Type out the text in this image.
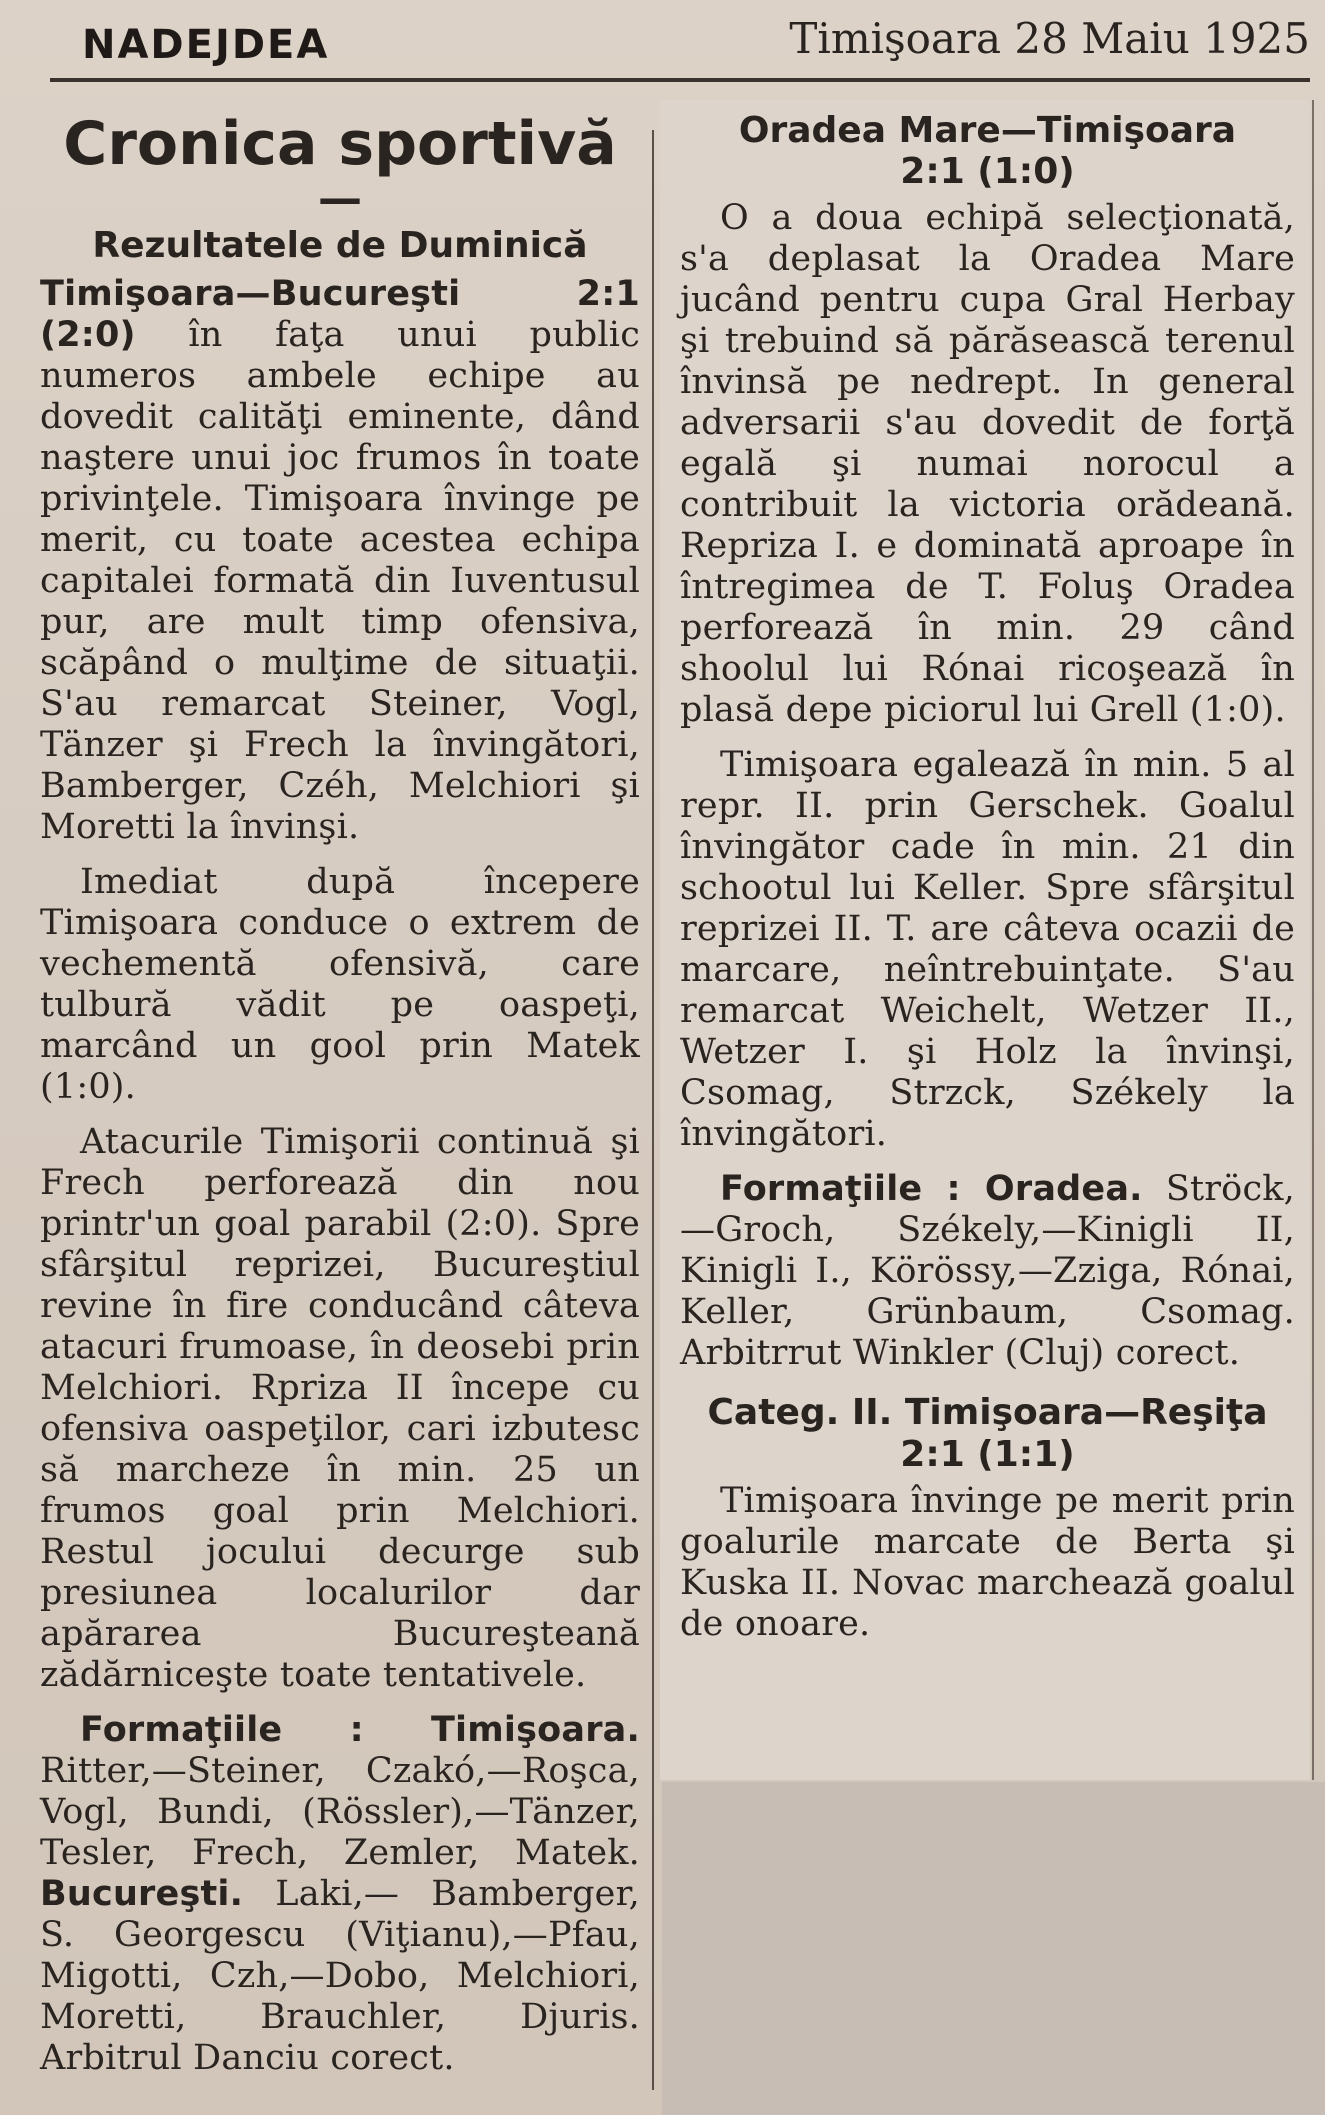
NADEJDEA	Timişoara 28 Maiu 1925
Cronica sportivă
—
Rezultatele de Duminică

Timişoara—Bucureşti 2:1 (2:0) în faţa unui public numeros ambele echipe au dovedit calităţi eminente, dând naştere unui joc frumos în toate privinţele. Timişoara învinge pe merit, cu toate acestea echipa capitalei formată din Iuventusul pur, are mult timp ofensiva, scăpând o mulţime de situaţii. S'au remarcat Steiner, Vogl, Tänzer şi Frech la învingători, Bamberger, Czéh, Melchiori şi Moretti la învinşi.

Imediat după începere Timişoara conduce o extrem de vechementă ofensivă, care tulbură vădit pe oaspeţi, marcând un gool prin Matek (1:0).

Atacurile Timişorii continuă şi Frech perforează din nou printr'un goal parabil (2:0). Spre sfârşitul reprizei, Bucureştiul revine în fire conducând câteva atacuri frumoase, în deosebi prin Melchiori. Rpriza II începe cu ofensiva oaspeţilor, cari izbutesc să marcheze în min. 25 un frumos goal prin Melchiori. Restul jocului decurge sub presiunea localurilor dar apărarea Bucureşteană zădărniceşte toate tentativele.

Formaţiile : Timişoara. Ritter,—Steiner, Czakó,—Roşca, Vogl, Bundi, (Rössler),—Tänzer, Tesler, Frech, Zemler, Matek. Bucureşti. Laki,— Bamberger, S. Georgescu (Viţianu),—Pfau, Migotti, Czh,—Dobo, Melchiori, Moretti, Brauchler, Djuris. Arbitrul Danciu corect.

Oradea Mare—Timişoara
2:1 (1:0)

O a doua echipă selecţionată, s'a deplasat la Oradea Mare jucând pentru cupa Gral Herbay şi trebuind să părăsească terenul învinsă pe nedrept. In general adversarii s'au dovedit de forţă egală şi numai norocul a contribuit la victoria orădeană. Repriza I. e dominată aproape în întregimea de T. Foluş Oradea perforează în min. 29 când shoolul lui Rónai ricoşează în plasă depe piciorul lui Grell (1:0).

Timişoara egalează în min. 5 al repr. II. prin Gerschek. Goalul învingător cade în min. 21 din schootul lui Keller. Spre sfârşitul reprizei II. T. are câteva ocazii de marcare, neîntrebuinţate. S'au remarcat Weichelt, Wetzer II., Wetzer I. şi Holz la învinşi, Csomag, Strzck, Székely la învingători.

Formaţiile : Oradea. Ströck, —Groch, Székely,—Kinigli II, Kinigli I., Körössy,—Zziga, Rónai, Keller, Grünbaum, Csomag. Arbitrrut Winkler (Cluj) corect.

Categ. II. Timişoara—Reşiţa
2:1 (1:1)

Timişoara învinge pe merit prin goalurile marcate de Berta şi Kuska II. Novac marchează goalul de onoare.
